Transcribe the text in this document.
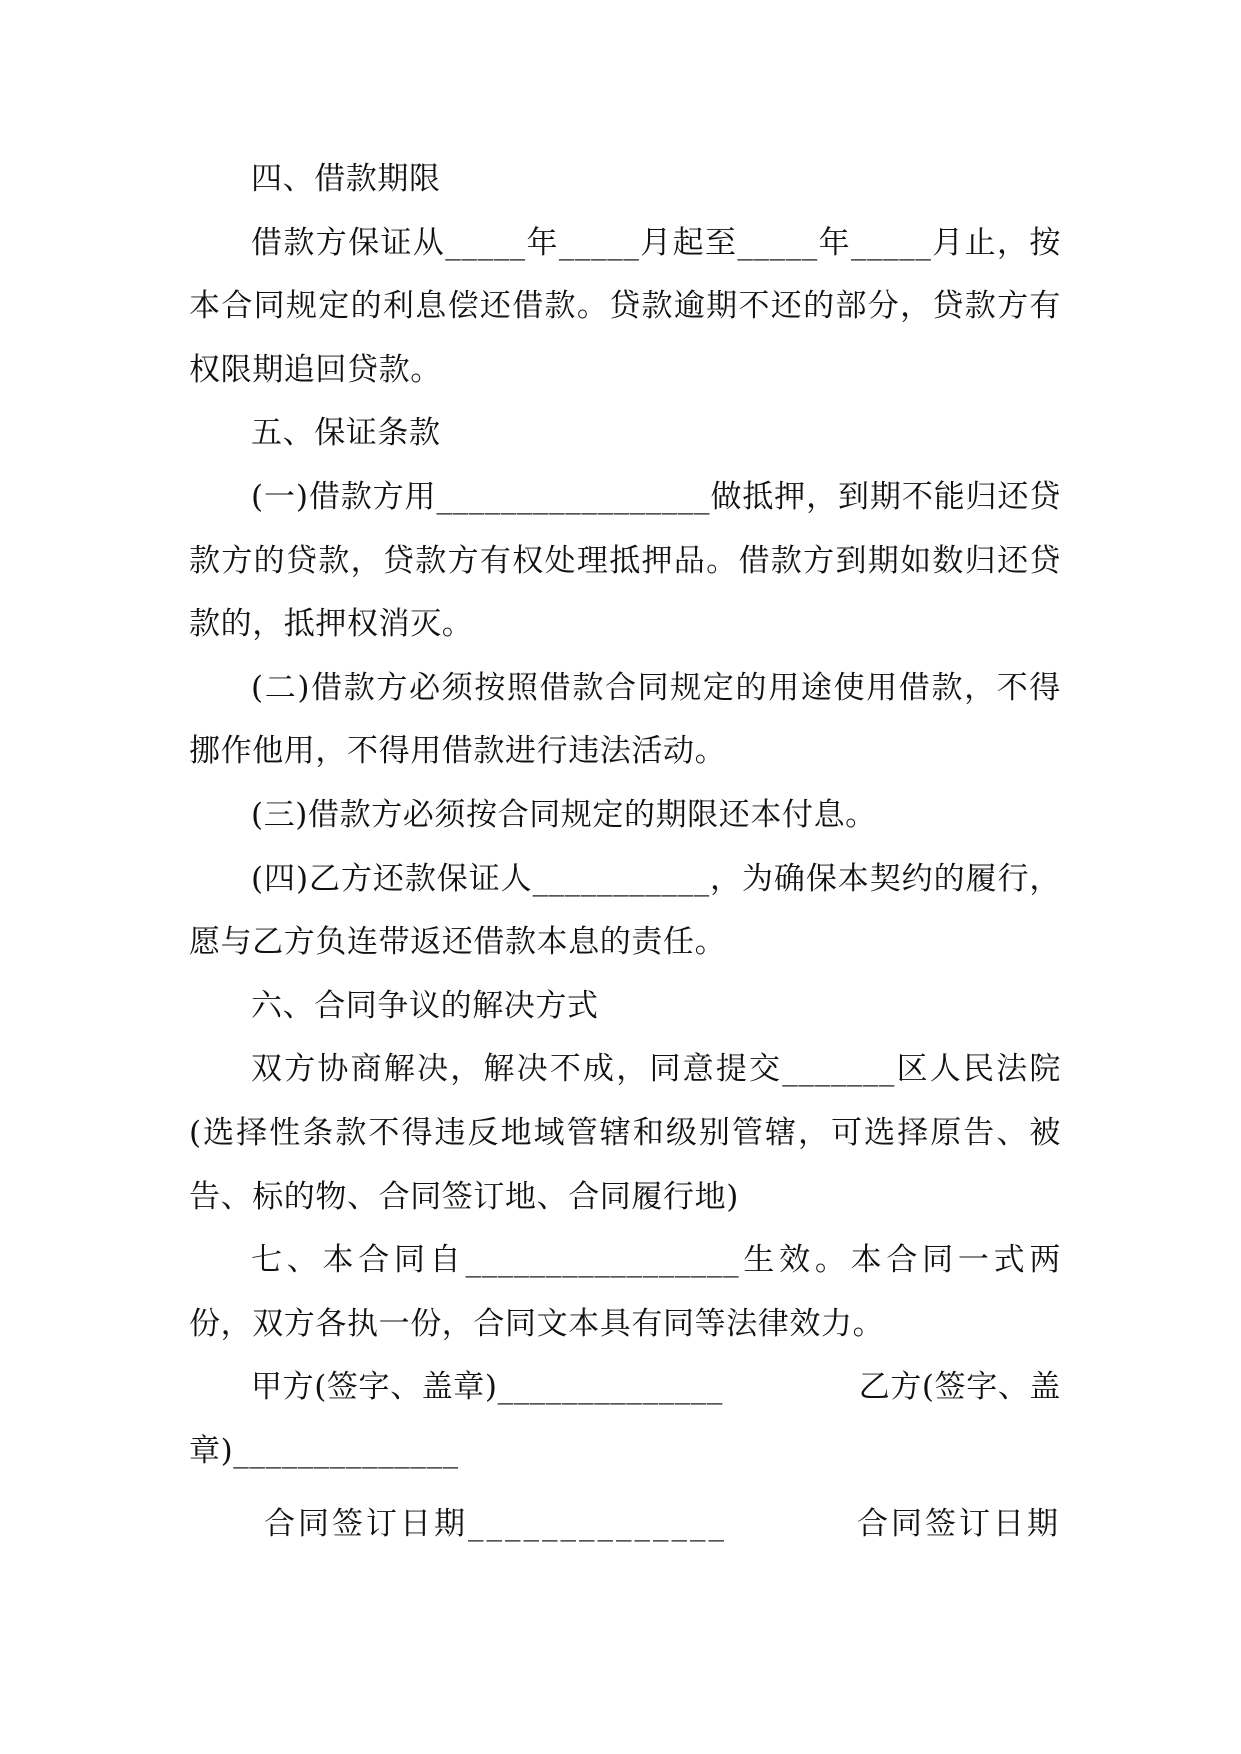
四、借款期限

借款方保证从_____年_____月起至_____年_____月止，按本合同规定的利息偿还借款。贷款逾期不还的部分，贷款方有权限期追回贷款。

五、保证条款

(一)借款方用_________________做抵押，到期不能归还贷款方的贷款，贷款方有权处理抵押品。借款方到期如数归还贷款的，抵押权消灭。

(二)借款方必须按照借款合同规定的用途使用借款，不得挪作他用，不得用借款进行违法活动。

(三)借款方必须按合同规定的期限还本付息。

(四)乙方还款保证人___________，为确保本契约的履行，愿与乙方负连带返还借款本息的责任。

六、合同争议的解决方式

双方协商解决，解决不成，同意提交_______区人民法院(选择性条款不得违反地域管辖和级别管辖，可选择原告、被告、标的物、合同签订地、合同履行地)

七、本合同自_________________生效。本合同一式两份，双方各执一份，合同文本具有同等法律效力。

甲方(签字、盖章)______________	乙方(签字、盖

章)______________

合同签订日期______________	合同签订日期
